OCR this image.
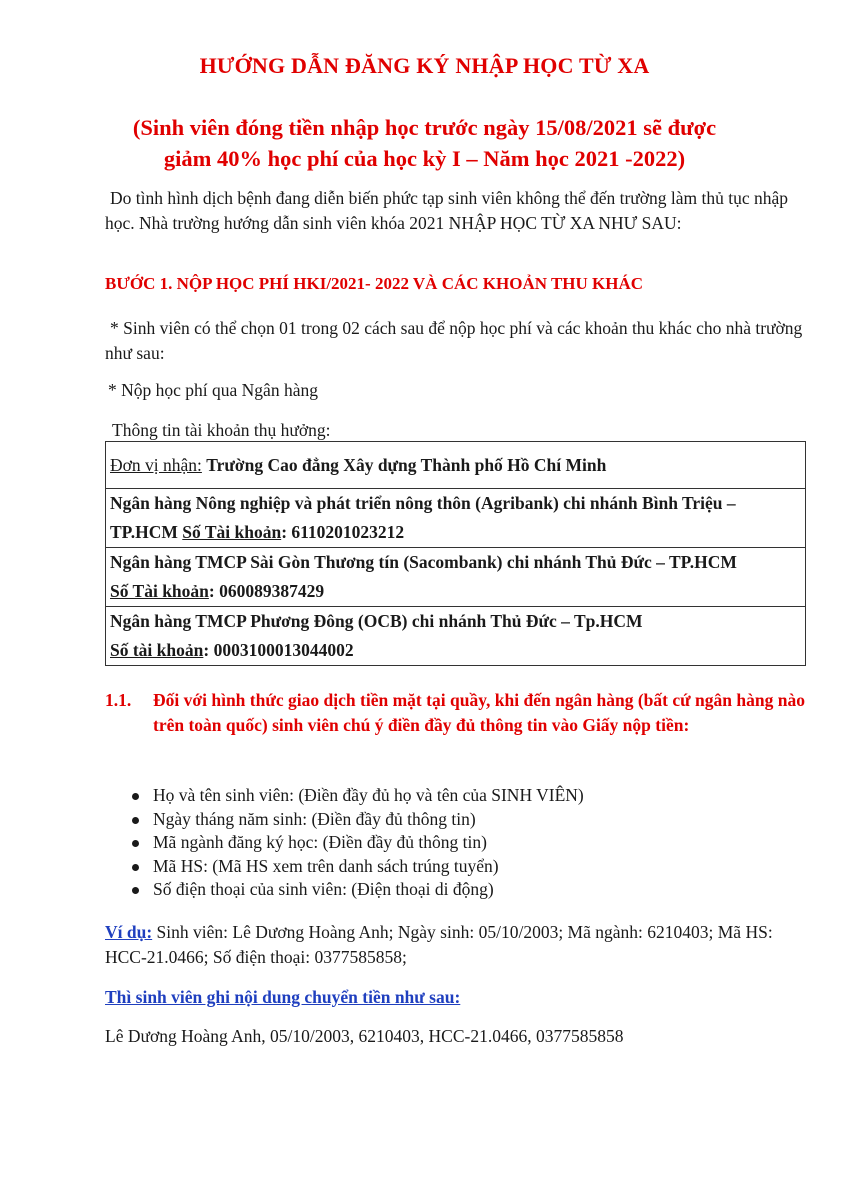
HƯỚNG DẪN ĐĂNG KÝ NHẬP HỌC TỪ XA
(Sinh viên đóng tiền nhập học trước ngày 15/08/2021 sẽ được
giảm 40% học phí của học kỳ I – Năm học 2021 -2022)
Do tình hình dịch bệnh đang diễn biến phức tạp sinh viên không thể đến trường làm thủ tục nhập học. Nhà trường hướng dẫn sinh viên khóa 2021 NHẬP HỌC TỪ XA NHƯ SAU:
BƯỚC 1. NỘP HỌC PHÍ HKI/2021- 2022 VÀ CÁC KHOẢN THU KHÁC
* Sinh viên có thể chọn 01 trong 02 cách sau để nộp học phí và các khoản thu khác cho nhà trường như sau:
* Nộp học phí qua Ngân hàng
Thông tin tài khoản thụ hưởng:
Đơn vị nhận: Trường Cao đẳng Xây dựng Thành phố Hồ Chí Minh

Ngân hàng Nông nghiệp và phát triển nông thôn (Agribank) chi nhánh Bình Triệu –
TP.HCM Số Tài khoản: 6110201023212

Ngân hàng TMCP Sài Gòn Thương tín (Sacombank) chi nhánh Thủ Đức – TP.HCM
Số Tài khoản: 060089387429

Ngân hàng TMCP Phương Đông (OCB) chi nhánh Thủ Đức – Tp.HCM
Số tài khoản: 0003100013044002
1.1. Đối với hình thức giao dịch tiền mặt tại quầy, khi đến ngân hàng (bất cứ ngân hàng nào trên toàn quốc) sinh viên chú ý điền đầy đủ thông tin vào Giấy nộp tiền:
Họ và tên sinh viên: (Điền đầy đủ họ và tên của SINH VIÊN)
Ngày tháng năm sinh: (Điền đầy đủ thông tin)
Mã ngành đăng ký học: (Điền đầy đủ thông tin)
Mã HS: (Mã HS xem trên danh sách trúng tuyển)
Số điện thoại của sinh viên: (Điện thoại di động)
Ví dụ: Sinh viên: Lê Dương Hoàng Anh; Ngày sinh: 05/10/2003; Mã ngành: 6210403; Mã HS: HCC-21.0466; Số điện thoại: 0377585858;
Thì sinh viên ghi nội dung chuyển tiền như sau:
Lê Dương Hoàng Anh, 05/10/2003, 6210403, HCC-21.0466, 0377585858
